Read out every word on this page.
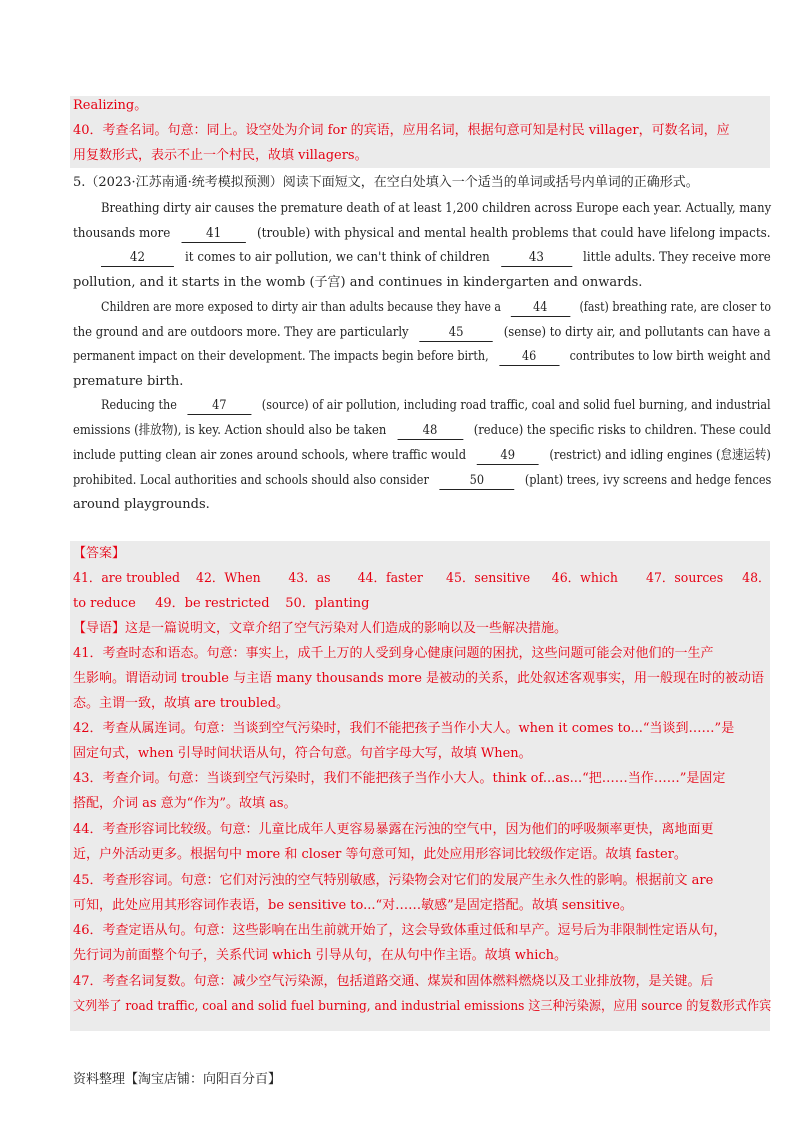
Realizing。
40．考查名词。句意：同上。设空处为介词 for 的宾语，应用名词，根据句意可知是村民 villager，可数名词，应
用复数形式，表示不止一个村民，故填 villagers。
5.（2023·江苏南通·统考模拟预测）阅读下面短文，在空白处填入一个适当的单词或括号内单词的正确形式。
Breathing dirty air causes the premature death of at least 1,200 children across Europe each year. Actually, many
thousands more	41	(trouble) with physical and mental health problems that could have lifelong impacts.
42	it comes to air pollution, we can't think of children	43	little adults. They receive more
pollution, and it starts in the womb (子宫) and continues in kindergarten and onwards.
Children are more exposed to dirty air than adults because they have a 44 (fast) breathing rate, are closer to
the ground and are outdoors more. They are particularly	45	(sense) to dirty air, and pollutants can have a
permanent impact on their development. The impacts begin before birth,	46	contributes to low birth weight and
premature birth.
Reducing the	47	(source) of air pollution, including road traffic, coal and solid fuel burning, and industrial
emissions (排放物), is key. Action should also be taken	48	(reduce) the specific risks to children. These could
include putting clean air zones around schools, where traffic would	49	(restrict) and idling engines (怠速运转)
prohibited. Local authorities and schools should also consider	50	(plant) trees, ivy screens and hedge fences
around playgrounds.
【答案】
41．are troubled 42．When 43．as 44．faster 45．sensitive 46．which 47．sources 48．
to reduce 49．be restricted 50．planting
【导语】这是一篇说明文，文章介绍了空气污染对人们造成的影响以及一些解决措施。
41．考查时态和语态。句意：事实上，成千上万的人受到身心健康问题的困扰，这些问题可能会对他们的一生产
生影响。谓语动词 trouble 与主语 many thousands more 是被动的关系，此处叙述客观事实，用一般现在时的被动语
态。主谓一致，故填 are troubled。
42．考查从属连词。句意：当谈到空气污染时，我们不能把孩子当作小大人。when it comes to...“当谈到……”是
固定句式，when 引导时间状语从句，符合句意。句首字母大写，故填 When。
43．考查介词。句意：当谈到空气污染时，我们不能把孩子当作小大人。think of...as...“把……当作……”是固定
搭配，介词 as 意为“作为”。故填 as。
44．考查形容词比较级。句意：儿童比成年人更容易暴露在污浊的空气中，因为他们的呼吸频率更快，离地面更
近，户外活动更多。根据句中 more 和 closer 等句意可知，此处应用形容词比较级作定语。故填 faster。
45．考查形容词。句意：它们对污浊的空气特别敏感，污染物会对它们的发展产生永久性的影响。根据前文 are
可知，此处应用其形容词作表语，be sensitive to...“对……敏感”是固定搭配。故填 sensitive。
46．考查定语从句。句意：这些影响在出生前就开始了，这会导致体重过低和早产。逗号后为非限制性定语从句，
先行词为前面整个句子，关系代词 which 引导从句，在从句中作主语。故填 which。
47．考查名词复数。句意：减少空气污染源，包括道路交通、煤炭和固体燃料燃烧以及工业排放物，是关键。后
文列举了 road traffic, coal and solid fuel burning, and industrial emissions 这三种污染源，应用 source 的复数形式作宾
资料整理【淘宝店铺：向阳百分百】
